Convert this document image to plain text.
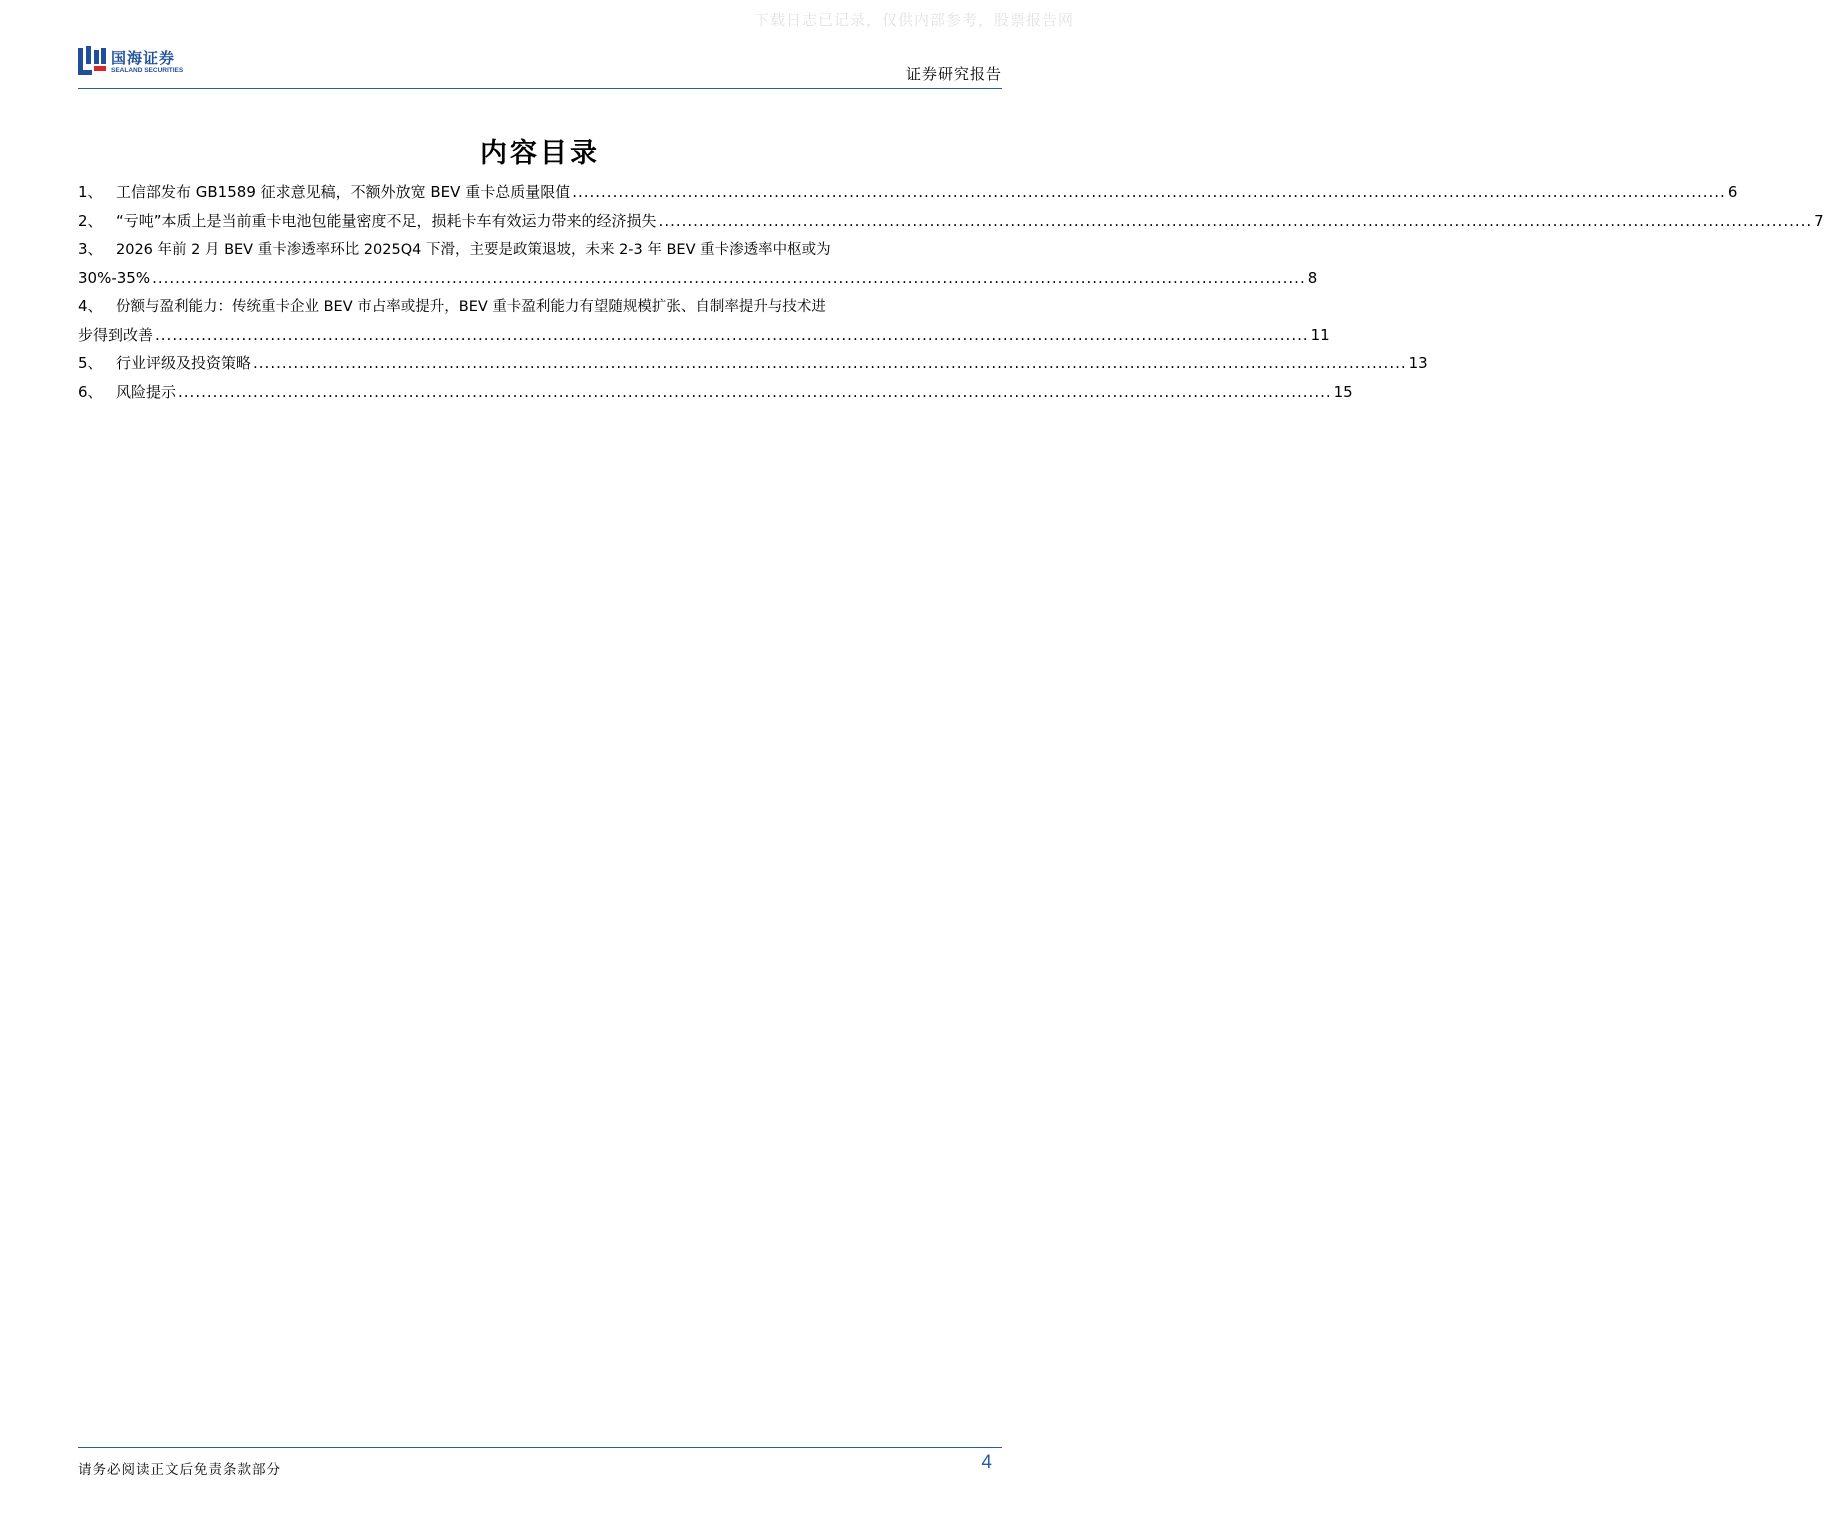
下载日志已记录，仅供内部参考，股票报告网
国海证券
SEALAND SECURITIES	证券研究报告
内容目录
1、 工信部发布 GB1589 征求意见稿，不额外放宽 BEV 重卡总质量限值 ........................................................................................................................................................................................................ 6
2、 “亏吨”本质上是当前重卡电池包能量密度不足，损耗卡车有效运力带来的经济损失 ........................................................................................................................................................................................................ 7
3、 2026 年前 2 月 BEV 重卡渗透率环比 2025Q4 下滑，主要是政策退坡，未来 2-3 年 BEV 重卡渗透率中枢或为
30%-35% ........................................................................................................................................................................................................ 8
4、 份额与盈利能力：传统重卡企业 BEV 市占率或提升，BEV 重卡盈利能力有望随规模扩张、自制率提升与技术进
步得到改善 ........................................................................................................................................................................................................ 11
5、 行业评级及投资策略 ........................................................................................................................................................................................................ 13
6、 风险提示 ........................................................................................................................................................................................................ 15
请务必阅读正文后免责条款部分	4
